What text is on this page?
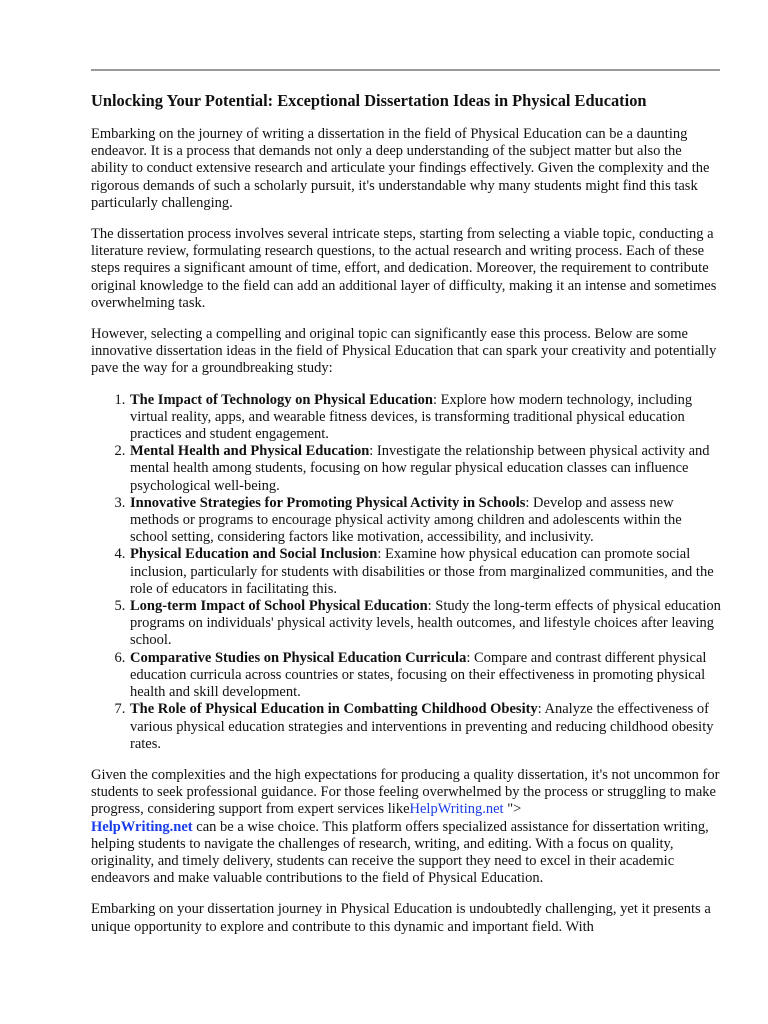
Unlocking Your Potential: Exceptional Dissertation Ideas in Physical Education

Embarking on the journey of writing a dissertation in the field of Physical Education can be a daunting endeavor. It is a process that demands not only a deep understanding of the subject matter but also the ability to conduct extensive research and articulate your findings effectively. Given the complexity and the rigorous demands of such a scholarly pursuit, it's understandable why many students might find this task particularly challenging.

The dissertation process involves several intricate steps, starting from selecting a viable topic, conducting a literature review, formulating research questions, to the actual research and writing process. Each of these steps requires a significant amount of time, effort, and dedication. Moreover, the requirement to contribute original knowledge to the field can add an additional layer of difficulty, making it an intense and sometimes overwhelming task.

However, selecting a compelling and original topic can significantly ease this process. Below are some innovative dissertation ideas in the field of Physical Education that can spark your creativity and potentially pave the way for a groundbreaking study:

1. The Impact of Technology on Physical Education: Explore how modern technology, including virtual reality, apps, and wearable fitness devices, is transforming traditional physical education practices and student engagement.
2. Mental Health and Physical Education: Investigate the relationship between physical activity and mental health among students, focusing on how regular physical education classes can influence psychological well-being.
3. Innovative Strategies for Promoting Physical Activity in Schools: Develop and assess new methods or programs to encourage physical activity among children and adolescents within the school setting, considering factors like motivation, accessibility, and inclusivity.
4. Physical Education and Social Inclusion: Examine how physical education can promote social inclusion, particularly for students with disabilities or those from marginalized communities, and the role of educators in facilitating this.
5. Long-term Impact of School Physical Education: Study the long-term effects of physical education programs on individuals' physical activity levels, health outcomes, and lifestyle choices after leaving school.
6. Comparative Studies on Physical Education Curricula: Compare and contrast different physical education curricula across countries or states, focusing on their effectiveness in promoting physical health and skill development.
7. The Role of Physical Education in Combatting Childhood Obesity: Analyze the effectiveness of various physical education strategies and interventions in preventing and reducing childhood obesity rates.

Given the complexities and the high expectations for producing a quality dissertation, it's not uncommon for students to seek professional guidance. For those feeling overwhelmed by the process or struggling to make progress, considering support from expert services likeHelpWriting.net ">
HelpWriting.net can be a wise choice. This platform offers specialized assistance for dissertation writing, helping students to navigate the challenges of research, writing, and editing. With a focus on quality, originality, and timely delivery, students can receive the support they need to excel in their academic endeavors and make valuable contributions to the field of Physical Education.

Embarking on your dissertation journey in Physical Education is undoubtedly challenging, yet it presents a unique opportunity to explore and contribute to this dynamic and important field. With
